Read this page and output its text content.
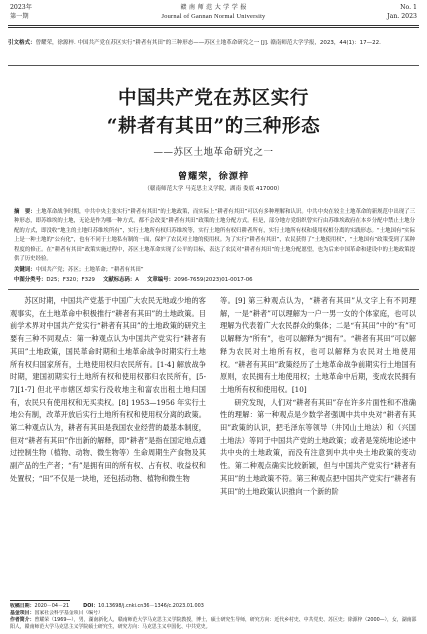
2023年
第一期
赣 南 师 范 大 学 学 报
Journal of Gannan Normal University
No. 1
Jan. 2023
引文格式：曾耀荣，徐源梓. 中国共产党在苏区实行“耕者有其田”的三种形态——苏区土地革命研究之一 [J]. 赣南师范大学学报，2023，44(1)：17—22.
中国共产党在苏区实行
“耕者有其田”的三种形态
——苏区土地革命研究之一
曾耀荣，徐源梓
（赣南师范大学 马克思主义学院，湖南 娄底 417000）
摘　要：土地革命战争时期，中共中央主张实行“耕者有其田”的土地政策，而实际上“耕者有其田”可以有多种理解和认识。中共中央在较主土地革命的新规范中出现了三种形态，即苏维埃的土地，无论是作为哪一种方式，都不会改变“耕者有其田”政策的土地分配方式。但是，部分地方党组织曾实行由苏维埃政府在本乡分配中禁止土地分配的方式，即没收“地主的土地归苏维埃所有”，实行土地所有权归苏维埃等，实行土地所有权归耕者所有，实行土地所有权和使用权相分离的实践形态。“土地国有”实际上是一种土地的“公有化”，也有不同于土地私有制的一面，保护了农民对土地的使用权。为了实行“耕者有其田”，农民获得了“土地使用权”，“土地国有”政策受到了某种程度的修正。在“耕者有其田”政策实施过程中，苏区土地革命实现了公平的目标，表达了农民对“耕者有其田”的土地分配愿望，也为后来中国革命和建设中的土地政策提供了历史经验。
关键词：中国共产党；苏区；土地革命；“耕者有其田”
中图分类号：D25；F320；F329 文献标志码：A 文章编号：2096-7659(2023)01-0017-06

苏区时期，中国共产党基于中国广大农民无地或少地的客观事实，在土地革命中积极推行“耕者有其田”的土地政策。目前学术界对中国共产党实行“耕者有其田”的土地政策的研究主要有三种不同观点：第一种观点认为中国共产党实行“耕者有其田”土地政策，国民革命时期和土地革命战争时期实行土地所有权归国家所有，土地使用权归农民所有。[1-4] 解放战争时期，建国初期实行土地所有权和使用权都归农民所有，[5-7][1-7] 但北平市辖区却实行没收地主和富农出租土地归国有，农民只有使用权和无买卖权。[8] 1953—1956 年实行土地公有制，改革开放后实行土地所有权和使用权分离的政策。第二种观点认为，耕者有其田是我国农业经营的最基本制度，但对“耕者有其田”作出新的解释，即“耕者”是指在国定地点通过控制生物（植物、动物、微生物等）生命周期生产食物及其副产品的生产者；“有”是拥有田的所有权、占有权、收益权和处置权；“田”不仅是一块地，还包括动物、植物和微生物

等。[9] 第三种观点认为，“耕者有其田”从文字上有不同理解，一是“耕者”可以理解为一户一男一女的个体家庭，也可以理解为代表着广大农民群众的集体；二是“有其田”中的“有”可以解释为“所有”，也可以解释为“拥有”。“耕者有其田”可以解释为农民对土地所有权，也可以解释为农民对土地使用权。“耕者有其田”政策经历了土地革命战争前期实行土地国有原则，农民拥有土地使用权；土地革命中后期，变成农民拥有土地所有权和使用权。[10]

研究发现，人们对“耕者有其田”存在许多片面性和不准确性的理解：第一种观点是少数学者强调中共中央对“耕者有其田”政策的认识，把毛泽东等领导（井冈山土地法）和（兴国土地法）等同于中国共产党的土地政策；或者是笼统地论述中共中央的土地政策，而没有注意到中共中央土地政策的变动性。第二种观点确实比较新颖，但与中国共产党实行“耕者有其田”的土地政策不符。第三种观点把中国共产党实行“耕者有其田”的土地政策认识推向一个新的阶

收稿日期：2020－04－21	DOI：10.13698/j.cnki.cn36－1346/c.2023.01.003
基金项目：国家社会科学基金项目（编号）
作者简介：曾耀荣（1969—），男，湖南新化人，赣南师范大学马克思主义学院教授，博士，硕士研究生导师，研究方向：近代乡村史、中共党史、苏区史；徐源梓（2000—），女，湖南邵阳人，赣南师范大学马克思主义学院硕士研究生，研究方向：马克思主义中国化、中共党史。
